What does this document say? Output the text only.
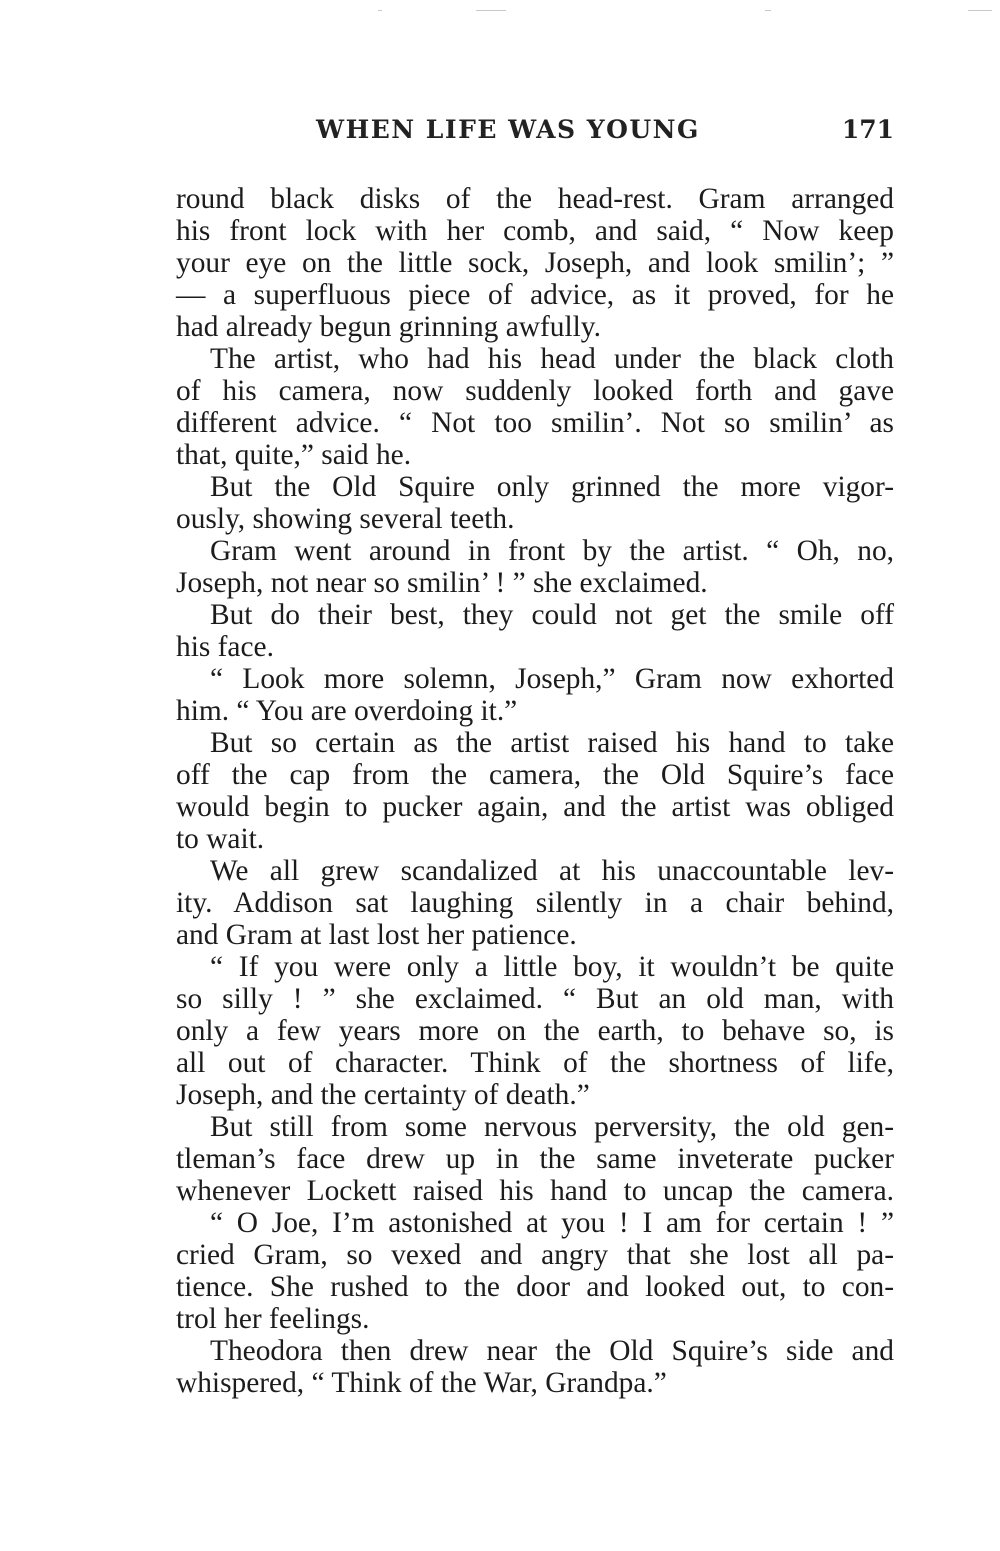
WHEN LIFE WAS YOUNG	171
round black disks of the head-rest. Gram arranged
his front lock with her comb, and said, “ Now keep
your eye on the little sock, Joseph, and look smilin’; ”
— a superfluous piece of advice, as it proved, for he
had already begun grinning awfully.
The artist, who had his head under the black cloth
of his camera, now suddenly looked forth and gave
different advice. “ Not too smilin’. Not so smilin’ as
that, quite,” said he.
But the Old Squire only grinned the more vigor-
ously, showing several teeth.
Gram went around in front by the artist. “ Oh, no,
Joseph, not near so smilin’ ! ” she exclaimed.
But do their best, they could not get the smile off
his face.
“ Look more solemn, Joseph,” Gram now exhorted
him. “ You are overdoing it.”
But so certain as the artist raised his hand to take
off the cap from the camera, the Old Squire’s face
would begin to pucker again, and the artist was obliged
to wait.
We all grew scandalized at his unaccountable lev-
ity. Addison sat laughing silently in a chair behind,
and Gram at last lost her patience.
“ If you were only a little boy, it wouldn’t be quite
so silly ! ” she exclaimed. “ But an old man, with
only a few years more on the earth, to behave so, is
all out of character. Think of the shortness of life,
Joseph, and the certainty of death.”
But still from some nervous perversity, the old gen-
tleman’s face drew up in the same inveterate pucker
whenever Lockett raised his hand to uncap the camera.
“ O Joe, I’m astonished at you ! I am for certain ! ”
cried Gram, so vexed and angry that she lost all pa-
tience. She rushed to the door and looked out, to con-
trol her feelings.
Theodora then drew near the Old Squire’s side and
whispered, “ Think of the War, Grandpa.”
